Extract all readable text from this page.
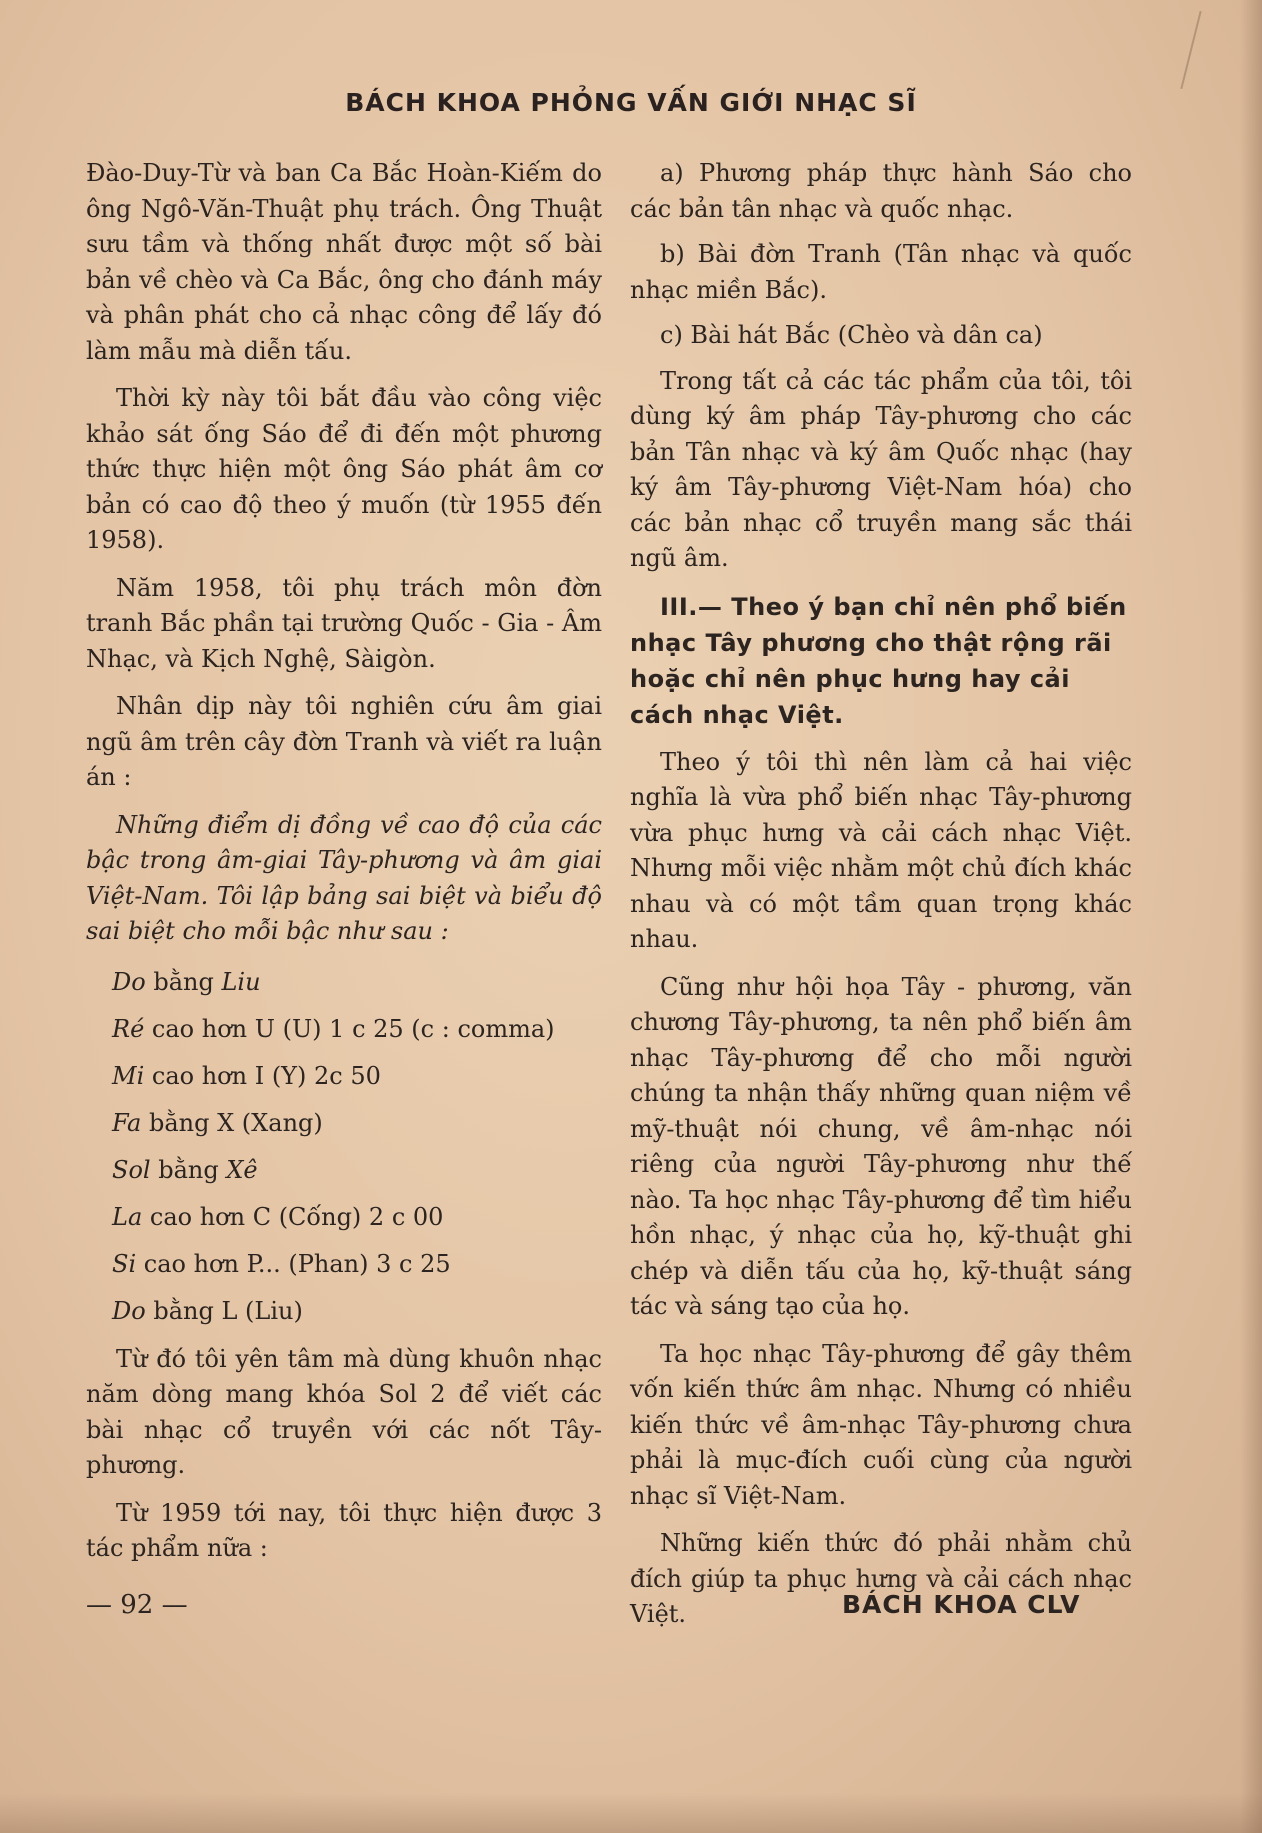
BÁCH KHOA PHỎNG VẤN GIỚI NHẠC SĨ

Đào-Duy-Từ và ban Ca Bắc Hoàn-Kiếm do ông Ngô-Văn-Thuật phụ trách. Ông Thuật sưu tầm và thống nhất được một số bài bản về chèo và Ca Bắc, ông cho đánh máy và phân phát cho cả nhạc công để lấy đó làm mẫu mà diễn tấu.

Thời kỳ này tôi bắt đầu vào công việc khảo sát ống Sáo để đi đến một phương thức thực hiện một ông Sáo phát âm cơ bản có cao độ theo ý muốn (từ 1955 đến 1958).

Năm 1958, tôi phụ trách môn đờn tranh Bắc phần tại trường Quốc - Gia - Âm Nhạc, và Kịch Nghệ, Sàigòn.

Nhân dịp này tôi nghiên cứu âm giai ngũ âm trên cây đờn Tranh và viết ra luận án :

Những điểm dị đồng về cao độ của các bậc trong âm-giai Tây-phương và âm giai Việt-Nam. Tôi lập bảng sai biệt và biểu độ sai biệt cho mỗi bậc như sau :

Do bằng Liu
Ré cao hơn U (U) 1 c 25 (c : comma)
Mi cao hơn I (Y) 2c 50
Fa bằng X (Xang)
Sol bằng Xê
La cao hơn C (Cống) 2 c 00
Si cao hơn P... (Phan) 3 c 25
Do bằng L (Liu)

Từ đó tôi yên tâm mà dùng khuôn nhạc năm dòng mang khóa Sol 2 để viết các bài nhạc cổ truyền với các nốt Tây-phương.

Từ 1959 tới nay, tôi thực hiện được 3 tác phẩm nữa :

a) Phương pháp thực hành Sáo cho các bản tân nhạc và quốc nhạc.
b) Bài đờn Tranh (Tân nhạc và quốc nhạc miền Bắc).
c) Bài hát Bắc (Chèo và dân ca)

Trong tất cả các tác phẩm của tôi, tôi dùng ký âm pháp Tây-phương cho các bản Tân nhạc và ký âm Quốc nhạc (hay ký âm Tây-phương Việt-Nam hóa) cho các bản nhạc cổ truyền mang sắc thái ngũ âm.

III.— Theo ý bạn chỉ nên phổ biến nhạc Tây phương cho thật rộng rãi hoặc chỉ nên phục hưng hay cải cách nhạc Việt.

Theo ý tôi thì nên làm cả hai việc nghĩa là vừa phổ biến nhạc Tây-phương vừa phục hưng và cải cách nhạc Việt. Nhưng mỗi việc nhằm một chủ đích khác nhau và có một tầm quan trọng khác nhau.

Cũng như hội họa Tây - phương, văn chương Tây-phương, ta nên phổ biến âm nhạc Tây-phương để cho mỗi người chúng ta nhận thấy những quan niệm về mỹ-thuật nói chung, về âm-nhạc nói riêng của người Tây-phương như thế nào. Ta học nhạc Tây-phương để tìm hiểu hồn nhạc, ý nhạc của họ, kỹ-thuật ghi chép và diễn tấu của họ, kỹ-thuật sáng tác và sáng tạo của họ.

Ta học nhạc Tây-phương để gây thêm vốn kiến thức âm nhạc. Nhưng có nhiều kiến thức về âm-nhạc Tây-phương chưa phải là mục-đích cuối cùng của người nhạc sĩ Việt-Nam.

Những kiến thức đó phải nhằm chủ đích giúp ta phục hưng và cải cách nhạc Việt.

— 92 —	BÁCH KHOA CLV
